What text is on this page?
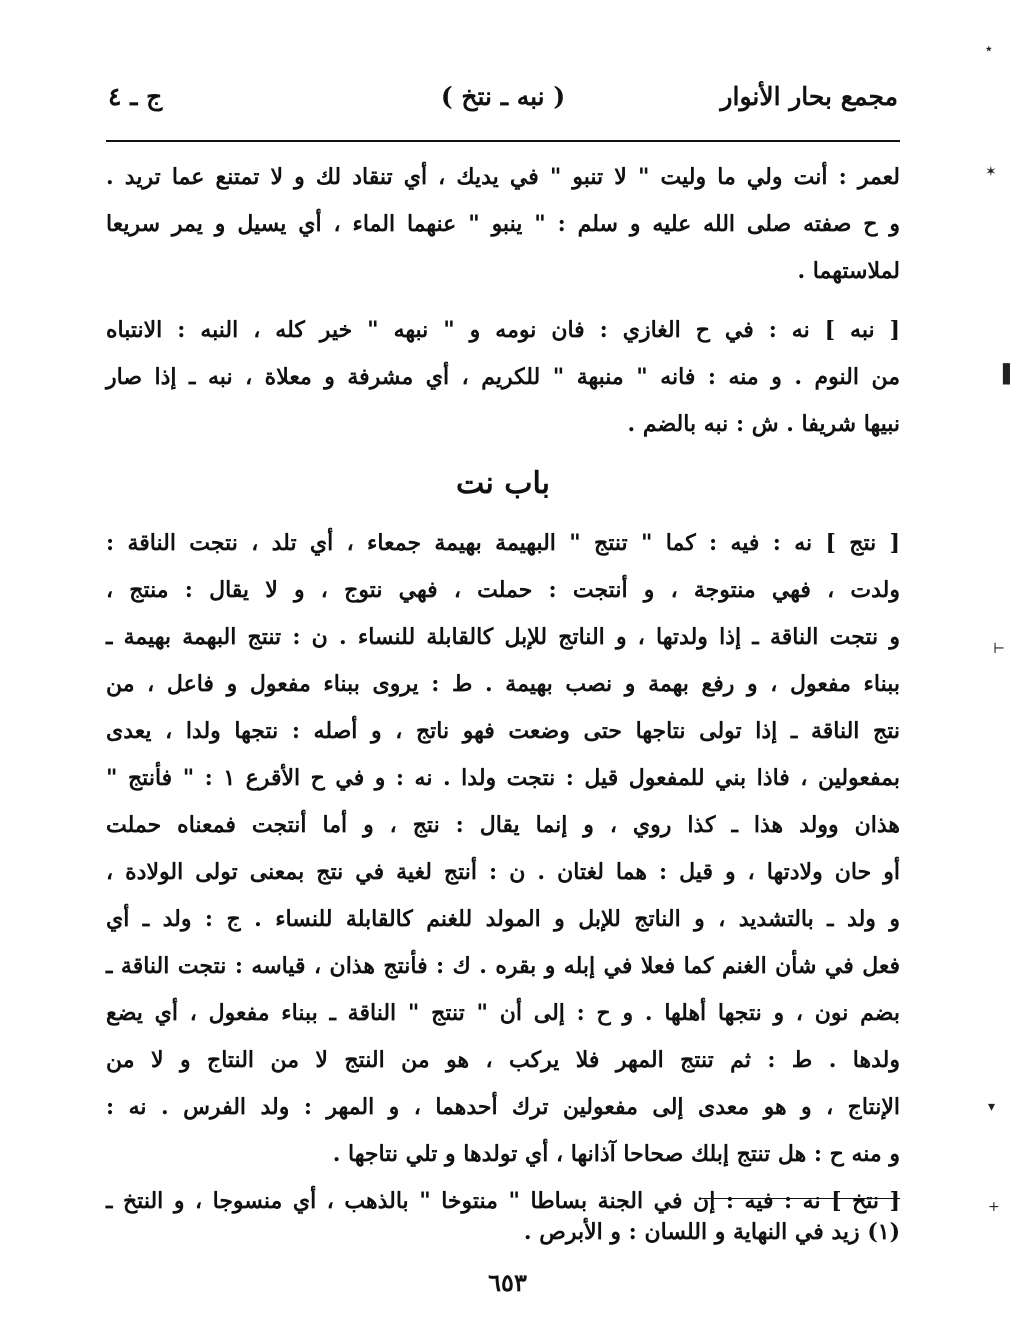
مجمع بحار الأنوار
( نبه ـ نتخ )
ج ـ ٤
لعمر : أنت ولي ما وليت " لا تنبو " في يديك ، أي تنقاد لك و لا تمتنع عما تريد .
و ح صفته صلى الله عليه و سلم : " ينبو " عنهما الماء ، أي يسيل و يمر سريعا
لملاستهما .
[ نبه ] نه : في ح الغازي : فان نومه و " نبهه " خير كله ، النبه : الانتباه
من النوم . و منه : فانه " منبهة " للكريم ، أي مشرفة و معلاة ، نبه ـ إذا صار
نبيها شريفا . ش : نبه بالضم .
باب نت
[ نتج ] نه : فيه : كما " تنتج " البهيمة بهيمة جمعاء ، أي تلد ، نتجت الناقة :
ولدت ، فهي منتوجة ، و أنتجت : حملت ، فهي نتوج ، و لا يقال : منتج ،
و نتجت الناقة ـ إذا ولدتها ، و الناتج للإبل كالقابلة للنساء . ن : تنتج البهمة بهيمة ـ
ببناء مفعول ، و رفع بهمة و نصب بهيمة . ط : يروى ببناء مفعول و فاعل ، من
نتج الناقة ـ إذا تولى نتاجها حتى وضعت فهو ناتج ، و أصله : نتجها ولدا ، يعدى
بمفعولين ، فاذا بني للمفعول قيل : نتجت ولدا . نه : و في ح الأقرع ١ : " فأنتج "
هذان وولد هذا ـ كذا روي ، و إنما يقال : نتج ، و أما أنتجت فمعناه حملت
أو حان ولادتها ، و قيل : هما لغتان . ن : أنتج لغية في نتج بمعنى تولى الولادة ،
و ولد ـ بالتشديد ، و الناتج للإبل و المولد للغنم كالقابلة للنساء . ج : ولد ـ أي
فعل في شأن الغنم كما فعلا في إبله و بقره . ك : فأنتج هذان ، قياسه : نتجت الناقة ـ
بضم نون ، و نتجها أهلها . و ح : إلى أن " تنتج " الناقة ـ ببناء مفعول ، أي يضع
ولدها . ط : ثم تنتج المهر فلا يركب ، هو من النتج لا من النتاج و لا من
الإنتاج ، و هو معدى إلى مفعولين ترك أحدهما ، و المهر : ولد الفرس . نه :
و منه ح : هل تنتج إبلك صحاحا آذانها ، أي تولدها و تلي نتاجها .
[ نتخ ] نه : فيه : إن في الجنة بساطا " منتوخا " بالذهب ، أي منسوجا ، و النتخ ـ
(١) زيد في النهاية و اللسان : و الأبرص .
٦٥٣
٭
✶
▌
⊢
▾
+
